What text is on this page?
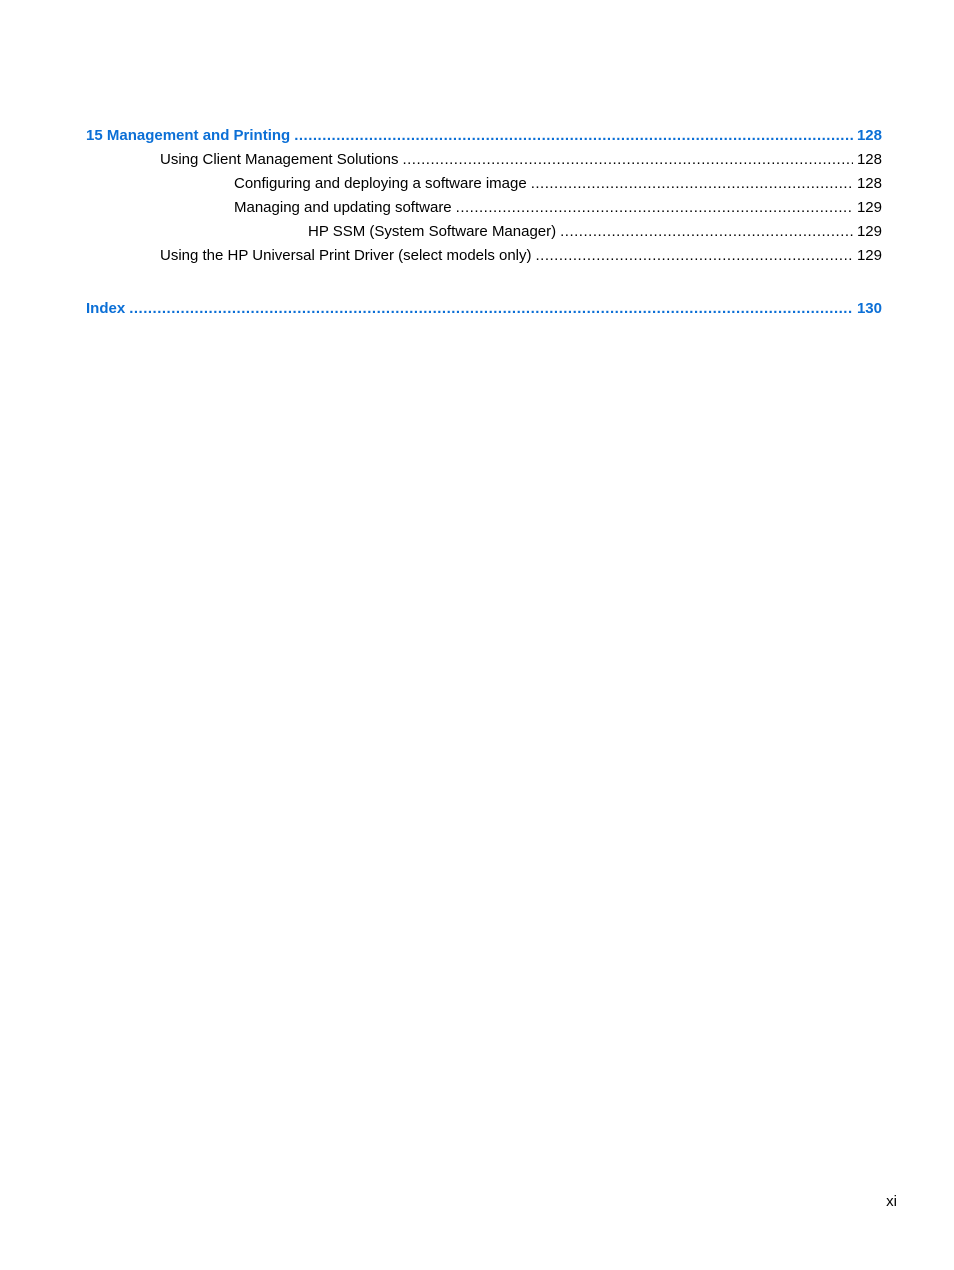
15 Management and Printing .....	128
Using Client Management Solutions .....	128
Configuring and deploying a software image .....	128
Managing and updating software .....	129
HP SSM (System Software Manager) .....	129
Using the HP Universal Print Driver (select models only) .....	129
Index .....	130
xi
